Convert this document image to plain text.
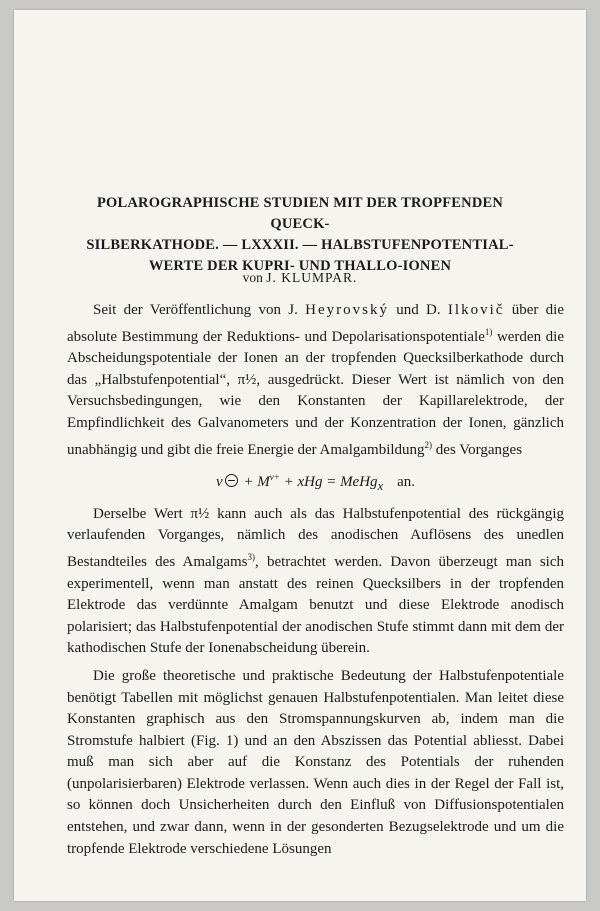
POLAROGRAPHISCHE STUDIEN MIT DER TROPFENDEN QUECK-
SILBERKATHODE. — LXXXII. — HALBSTUFENPOTENTIAL-
WERTE DER KUPRI- UND THALLO-IONEN
von J. KLUMPAR.

Seit der Veröffentlichung von J. Heyrovský und D. Ilkovič über die absolute Bestimmung der Reduktions- und Depolarisationspotentiale$^{1)}$ werden die Abscheidungspotentiale der Ionen an der tropfenden Quecksilberkathode durch das „Halbstufenpotential“, π½, ausgedrückt. Dieser Wert ist nämlich von den Versuchsbedingungen, wie den Konstanten der Kapillarelektrode, der Empfindlichkeit des Galvanometers und der Konzentration der Ionen, gänzlich unabhängig und gibt die freie Energie der Amalgambildung$^{2)}$ des Vorganges

$\nu + M^{\nu+}$ + xHg = MeHg$_x$ an.

Derselbe Wert π½ kann auch als das Halbstufenpotential des rückgängig verlaufenden Vorganges, nämlich des anodischen Auflösens des unedlen Bestandteiles des Amalgams$^{3)}$, betrachtet werden. Davon überzeugt man sich experimentell, wenn man anstatt des reinen Quecksilbers in der tropfenden Elektrode das verdünnte Amalgam benutzt und diese Elektrode anodisch polarisiert; das Halbstufenpotential der anodischen Stufe stimmt dann mit dem der kathodischen Stufe der Ionenabscheidung überein.

Die große theoretische und praktische Bedeutung der Halbstufenpotentiale benötigt Tabellen mit möglichst genauen Halbstufenpotentialen. Man leitet diese Konstanten graphisch aus den Stromspannungskurven ab, indem man die Stromstufe halbiert (Fig. 1) und an den Abszissen das Potential abliesst. Dabei muß man sich aber auf die Konstanz des Potentials der ruhenden (unpolarisierbaren) Elektrode verlassen. Wenn auch dies in der Regel der Fall ist, so können doch Unsicherheiten durch den Einfluß von Diffusionspotentialen entstehen, und zwar dann, wenn in der gesonderten Bezugselektrode und um die tropfende Elektrode verschiedene Lösungen
